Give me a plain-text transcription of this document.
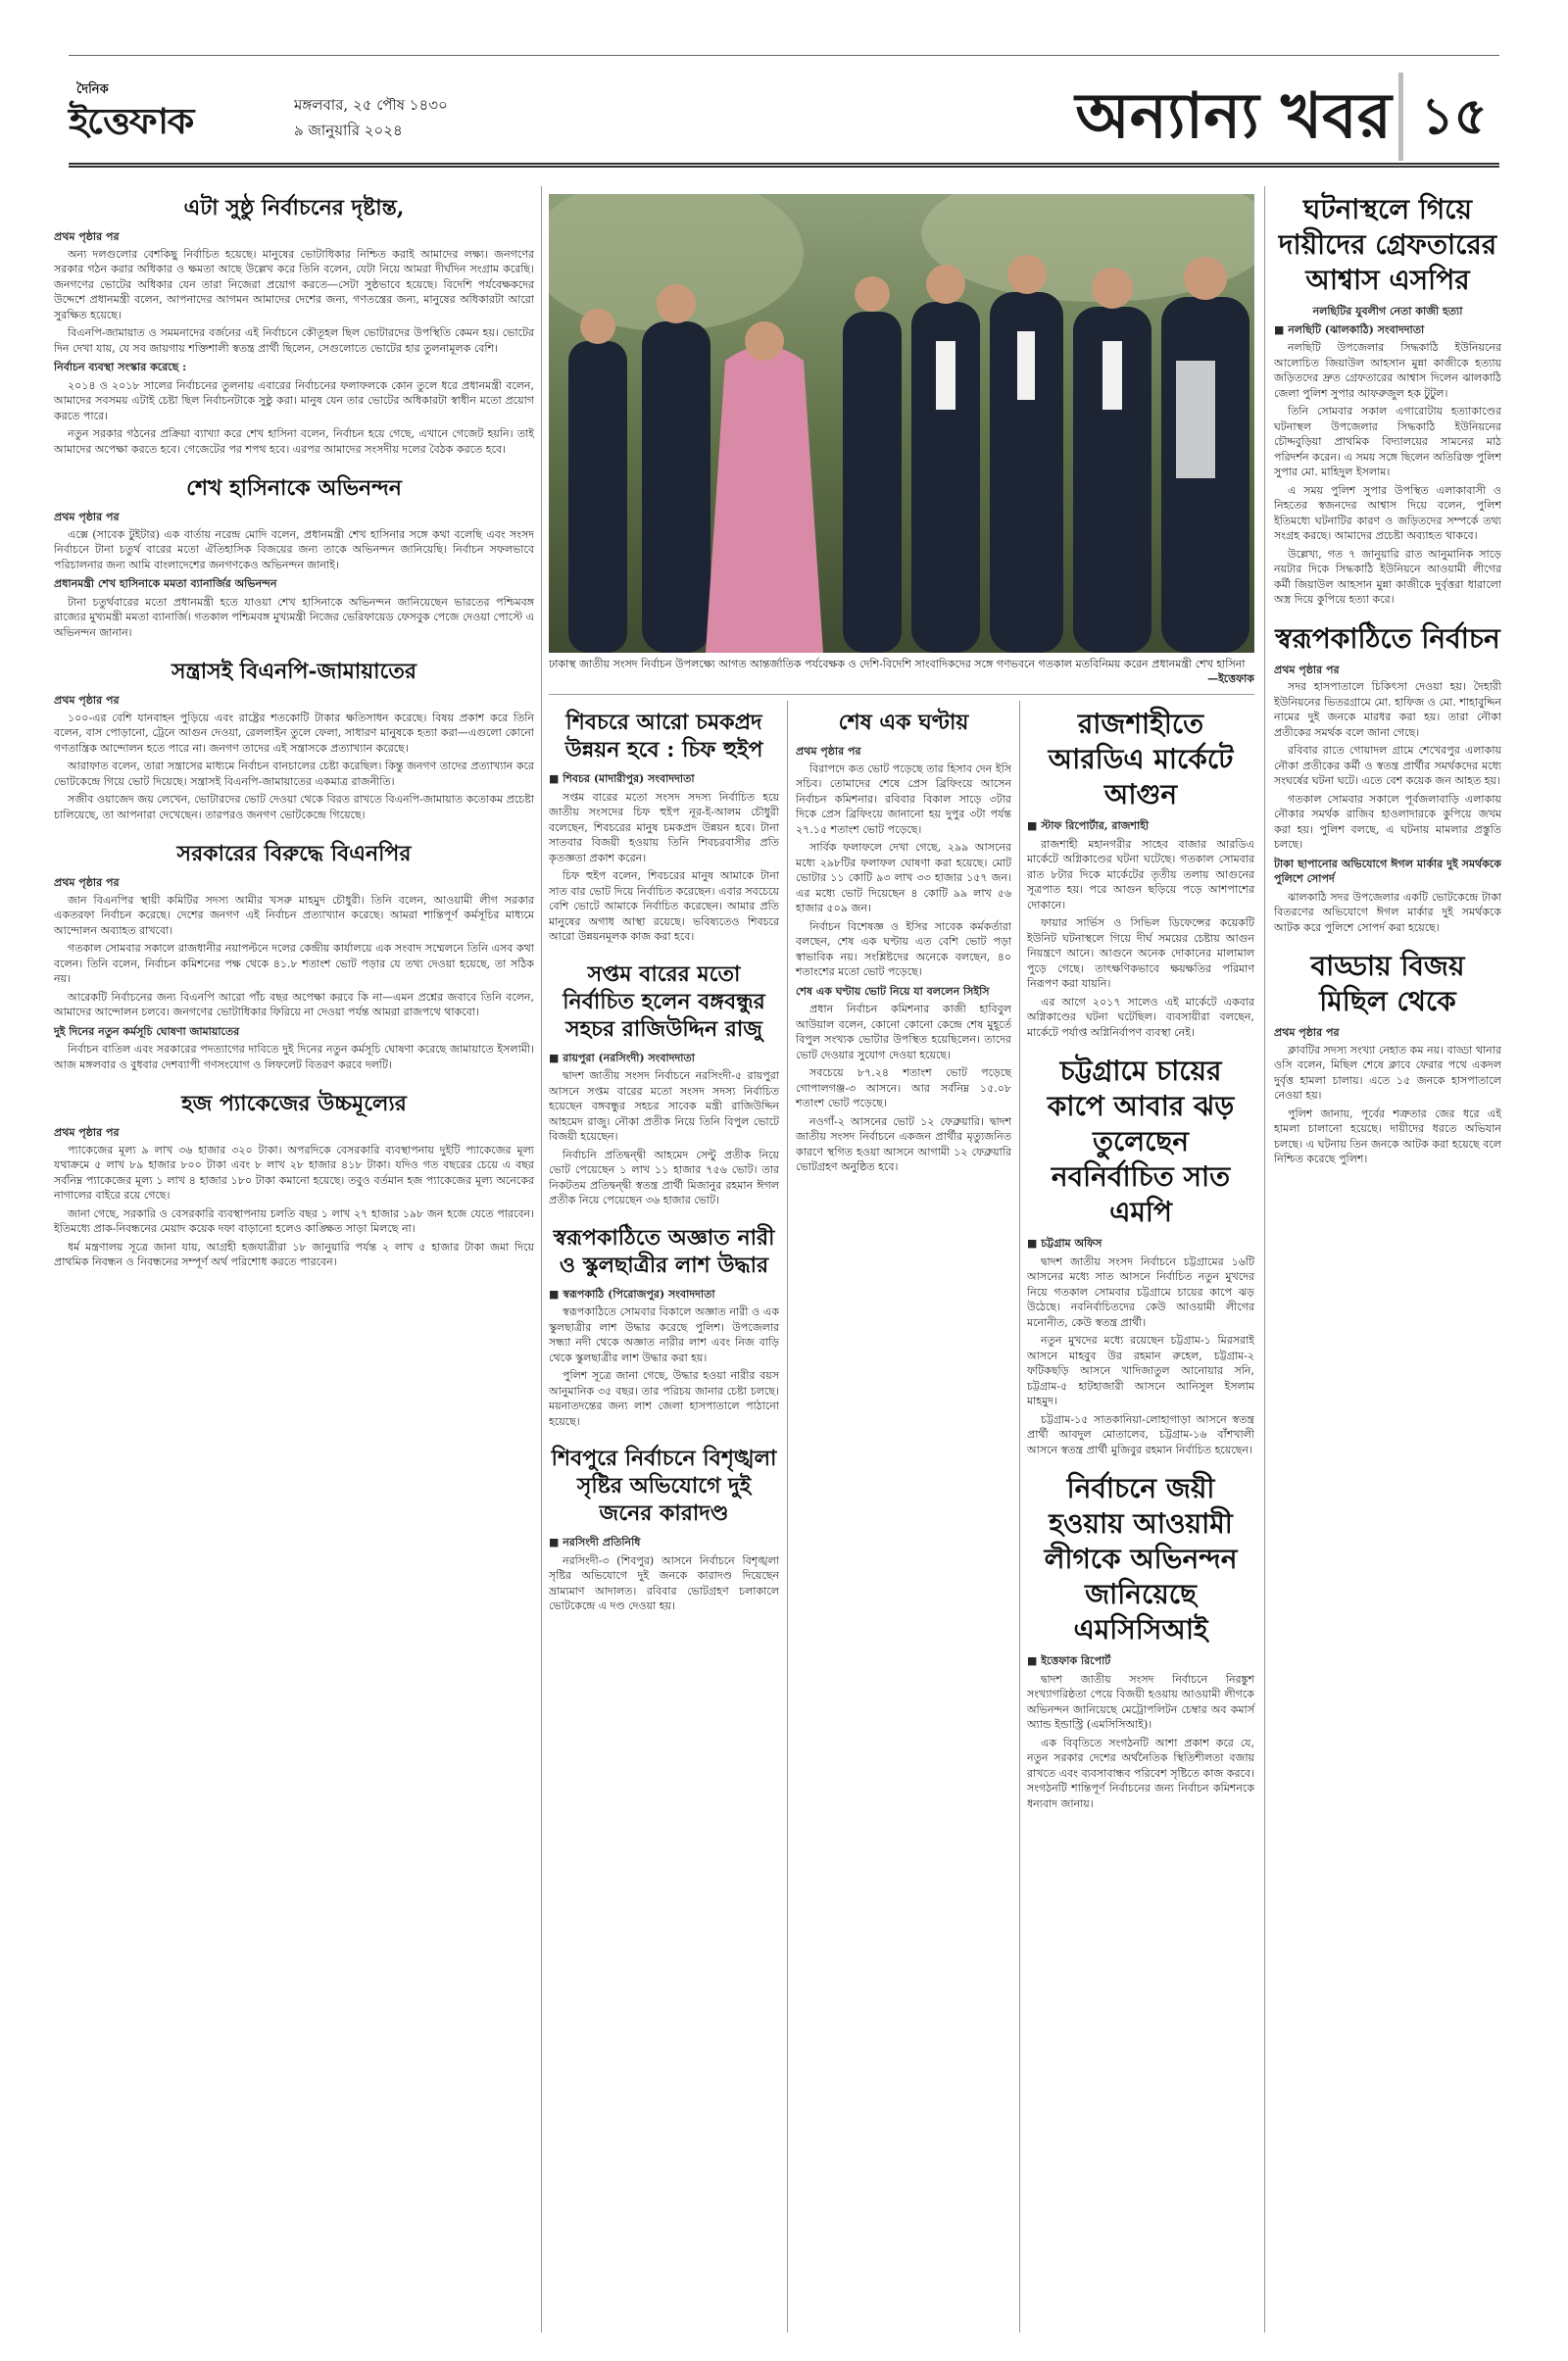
দৈনিক
ইত্তেফাক	মঙ্গলবার, ২৫ পৌষ ১৪৩০
৯ জানুয়ারি ২০২৪	অন্যান্য খবর ১৫
এটা সুষ্ঠু নির্বাচনের দৃষ্টান্ত,

প্রথম পৃষ্ঠার পর

অন্য দলগুলোর বেশকিছু নির্বাচিত হয়েছে। মানুষের ভোটাধিকার নিশ্চিত করাই আমাদের লক্ষ্য। জনগণের সরকার গঠন করার অধিকার ও ক্ষমতা আছে উল্লেখ করে তিনি বলেন, যেটা নিয়ে আমরা দীর্ঘদিন সংগ্রাম করেছি। জনগণের ভোটের অধিকার যেন তারা নিজেরা প্রয়োগ করতে—সেটা সুষ্ঠভাবে হয়েছে। বিদেশি পর্যবেক্ষকদের উদ্দেশে প্রধানমন্ত্রী বলেন, আপনাদের আগমন আমাদের দেশের জন্য, গণতন্ত্রের জন্য, মানুষের অধিকারটা আরো সুরক্ষিত হয়েছে।

বিএনপি-জামায়াত ও সমমনাদের বর্জনের এই নির্বাচনে কৌতূহল ছিল ভোটারদের উপস্থিতি কেমন হয়। ভোটের দিন দেখা যায়, যে সব জায়গায় শক্তিশালী স্বতন্ত্র প্রার্থী ছিলেন, সেগুলোতে ভোটের হার তুলনামূলক বেশি।

নির্বাচন ব্যবস্থা সংস্কার করেছে :

২০১৪ ও ২০১৮ সালের নির্বাচনের তুলনায় এবারের নির্বাচনের ফলাফলকে কোন তুলে ধরে প্রধানমন্ত্রী বলেন, আমাদের সবসময় এটাই চেষ্টা ছিল নির্বাচনটাকে সুষ্ঠু করা। মানুষ যেন তার ভোটের অধিকারটা স্বাধীন মতো প্রয়োগ করতে পারে।

নতুন সরকার গঠনের প্রক্রিয়া ব্যাখ্যা করে শেখ হাসিনা বলেন, নির্বাচন হয়ে গেছে, এখানে গেজেট হয়নি। তাই আমাদের অপেক্ষা করতে হবে। গেজেটের পর শপথ হবে। এরপর আমাদের সংসদীয় দলের বৈঠক করতে হবে।

শেখ হাসিনাকে অভিনন্দন

প্রথম পৃষ্ঠার পর

এক্সে (সাবেক টুইটার) এক বার্তায় নরেন্দ্র মোদি বলেন, প্রধানমন্ত্রী শেখ হাসিনার সঙ্গে কথা বলেছি এবং সংসদ নির্বাচনে টানা চতুর্থ বারের মতো ঐতিহাসিক বিজয়ের জন্য তাকে অভিনন্দন জানিয়েছি। নির্বাচন সফলভাবে পরিচালনার জন্য আমি বাংলাদেশের জনগণকেও অভিনন্দন জানাই।

প্রধানমন্ত্রী শেখ হাসিনাকে মমতা ব্যানার্জির অভিনন্দন

টানা চতুর্থবারের মতো প্রধানমন্ত্রী হতে যাওয়া শেখ হাসিনাকে অভিনন্দন জানিয়েছেন ভারতের পশ্চিমবঙ্গ রাজ্যের মুখ্যমন্ত্রী মমতা ব্যানার্জি। গতকাল পশ্চিমবঙ্গ মুখ্যমন্ত্রী নিজের ভেরিফায়েড ফেসবুক পেজে দেওয়া পোস্টে এ অভিনন্দন জানান।

সন্ত্রাসই বিএনপি-জামায়াতের

প্রথম পৃষ্ঠার পর

১০০-এর বেশি যানবাহন পুড়িয়ে এবং রাষ্ট্রের শতকোটি টাকার ক্ষতিসাধন করেছে। বিষয় প্রকাশ করে তিনি বলেন, বাস পোড়ানো, ট্রেনে আগুন দেওয়া, রেললাইন তুলে ফেলা, সাধারণ মানুষকে হত্যা করা—এগুলো কোনো গণতান্ত্রিক আন্দোলন হতে পারে না। জনগণ তাদের এই সন্ত্রাসকে প্রত্যাখ্যান করেছে।

আরাফাত বলেন, তারা সন্ত্রাসের মাধ্যমে নির্বাচন বানচালের চেষ্টা করেছিল। কিন্তু জনগণ তাদের প্রত্যাখ্যান করে ভোটকেন্দ্রে গিয়ে ভোট দিয়েছে। সন্ত্রাসই বিএনপি-জামায়াতের একমাত্র রাজনীতি।

সজীব ওয়াজেদ জয় লেখেন, ভোটারদের ভোট দেওয়া থেকে বিরত রাখতে বিএনপি-জামায়াত কতোকম প্রচেষ্টা চালিয়েছে, তা আপনারা দেখেছেন। তারপরও জনগণ ভোটকেন্দ্রে গিয়েছে।

সরকারের বিরুদ্ধে বিএনপির

প্রথম পৃষ্ঠার পর

জান বিএনপির স্থায়ী কমিটির সদস্য আমীর খসরু মাহমুদ চৌধুরী। তিনি বলেন, আওয়ামী লীগ সরকার একতরফা নির্বাচন করেছে। দেশের জনগণ এই নির্বাচন প্রত্যাখ্যান করেছে। আমরা শান্তিপূর্ণ কর্মসূচির মাধ্যমে আন্দোলন অব্যাহত রাখবো।

গতকাল সোমবার সকালে রাজধানীর নয়াপল্টনে দলের কেন্দ্রীয় কার্যালয়ে এক সংবাদ সম্মেলনে তিনি এসব কথা বলেন। তিনি বলেন, নির্বাচন কমিশনের পক্ষ থেকে ৪১.৮ শতাংশ ভোট পড়ার যে তথ্য দেওয়া হয়েছে, তা সঠিক নয়।

আরেকটি নির্বাচনের জন্য বিএনপি আরো পাঁচ বছর অপেক্ষা করবে কি না—এমন প্রশ্নের জবাবে তিনি বলেন, আমাদের আন্দোলন চলবে। জনগণের ভোটাধিকার ফিরিয়ে না দেওয়া পর্যন্ত আমরা রাজপথে থাকবো।

দুই দিনের নতুন কর্মসূচি ঘোষণা জামায়াতের

নির্বাচন বাতিল এবং সরকারের পদত্যাগের দাবিতে দুই দিনের নতুন কর্মসূচি ঘোষণা করেছে জামায়াতে ইসলামী। আজ মঙ্গলবার ও বুধবার দেশব্যাপী গণসংযোগ ও লিফলেট বিতরণ করবে দলটি।

হজ প্যাকেজের উচ্চমূল্যের

প্রথম পৃষ্ঠার পর

প্যাকেজের মূল্য ৯ লাখ ৩৬ হাজার ৩২০ টাকা। অপরদিকে বেসরকারি ব্যবস্থাপনায় দুইটি প্যাকেজের মূল্য যথাক্রমে ৫ লাখ ৮৯ হাজার ৮০০ টাকা এবং ৮ লাখ ২৮ হাজার ৪১৮ টাকা। যদিও গত বছরের চেয়ে এ বছর সর্বনিম্ন প্যাকেজের মূল্য ১ লাখ ৪ হাজার ১৮০ টাকা কমানো হয়েছে। তবুও বর্তমান হজ প্যাকেজের মূল্য অনেকের নাগালের বাইরে রয়ে গেছে।

জানা গেছে, সরকারি ও বেসরকারি ব্যবস্থাপনায় চলতি বছর ১ লাখ ২৭ হাজার ১৯৮ জন হজে যেতে পারবেন। ইতিমধ্যে প্রাক-নিবন্ধনের মেয়াদ কয়েক দফা বাড়ানো হলেও কাঙ্ক্ষিত সাড়া মিলছে না।

ধর্ম মন্ত্রণালয় সূত্রে জানা যায়, আগ্রহী হজযাত্রীরা ১৮ জানুয়ারি পর্যন্ত ২ লাখ ৫ হাজার টাকা জমা দিয়ে প্রাথমিক নিবন্ধন ও নিবন্ধনের সম্পূর্ণ অর্থ পরিশোধ করতে পারবেন।

ঢাকাস্থ জাতীয় সংসদ নির্বাচন উপলক্ষ্যে আগত আন্তর্জাতিক পর্যবেক্ষক ও দেশি-বিদেশি সাংবাদিকদের সঙ্গে গণভবনে গতকাল মতবিনিময় করেন প্রধানমন্ত্রী শেখ হাসিনা
—ইত্তেফাক
শিবচরে আরো চমকপ্রদ উন্নয়ন হবে : চিফ হুইপ

■ শিবচর (মাদারীপুর) সংবাদদাতা

সপ্তম বারের মতো সংসদ সদস্য নির্বাচিত হয়ে জাতীয় সংসদের চিফ হুইপ নূর-ই-আলম চৌধুরী বলেছেন, শিবচরের মানুষ চমকপ্রদ উন্নয়ন হবে। টানা সাতবার বিজয়ী হওয়ায় তিনি শিবচরবাসীর প্রতি কৃতজ্ঞতা প্রকাশ করেন।

চিফ হুইপ বলেন, শিবচরের মানুষ আমাকে টানা সাত বার ভোট দিয়ে নির্বাচিত করেছেন। এবার সবচেয়ে বেশি ভোটে আমাকে নির্বাচিত করেছেন। আমার প্রতি মানুষের অগাধ আস্থা রয়েছে। ভবিষ্যতেও শিবচরে আরো উন্নয়নমূলক কাজ করা হবে।

সপ্তম বারের মতো নির্বাচিত হলেন বঙ্গবন্ধুর সহচর রাজিউদ্দিন রাজু

■ রায়পুরা (নরসিংদী) সংবাদদাতা

দ্বাদশ জাতীয় সংসদ নির্বাচনে নরসিংদী-৫ রায়পুরা আসনে সপ্তম বারের মতো সংসদ সদস্য নির্বাচিত হয়েছেন বঙ্গবন্ধুর সহচর সাবেক মন্ত্রী রাজিউদ্দিন আহমেদ রাজু। নৌকা প্রতীক নিয়ে তিনি বিপুল ভোটে বিজয়ী হয়েছেন।

নির্বাচনি প্রতিদ্বন্দ্বী আহমেদ সেন্টু প্রতীক নিয়ে ভোট পেয়েছেন ১ লাখ ১১ হাজার ৭৫৬ ভোট। তার নিকটতম প্রতিদ্বন্দ্বী স্বতন্ত্র প্রার্থী মিজানুর রহমান ঈগল প্রতীক নিয়ে পেয়েছেন ৩৬ হাজার ভোট।

স্বরূপকাঠিতে অজ্ঞাত নারী ও স্কুলছাত্রীর লাশ উদ্ধার

■ স্বরূপকাঠি (পিরোজপুর) সংবাদদাতা

স্বরূপকাঠিতে সোমবার বিকালে অজ্ঞাত নারী ও এক স্কুলছাত্রীর লাশ উদ্ধার করেছে পুলিশ। উপজেলার সন্ধ্যা নদী থেকে অজ্ঞাত নারীর লাশ এবং নিজ বাড়ি থেকে স্কুলছাত্রীর লাশ উদ্ধার করা হয়।

পুলিশ সূত্রে জানা গেছে, উদ্ধার হওয়া নারীর বয়স আনুমানিক ৩৫ বছর। তার পরিচয় জানার চেষ্টা চলছে। ময়নাতদন্তের জন্য লাশ জেলা হাসপাতালে পাঠানো হয়েছে।

শিবপুরে নির্বাচনে বিশৃঙ্খলা সৃষ্টির অভিযোগে দুই জনের কারাদণ্ড

■ নরসিংদী প্রতিনিধি

নরসিংদী-৩ (শিবপুর) আসনে নির্বাচনে বিশৃঙ্খলা সৃষ্টির অভিযোগে দুই জনকে কারাদণ্ড দিয়েছেন ভ্রাম্যমাণ আদালত। রবিবার ভোটগ্রহণ চলাকালে ভোটকেন্দ্রে এ দণ্ড দেওয়া হয়।

শেষ এক ঘণ্টায়

প্রথম পৃষ্ঠার পর

বিরাপদে কত ভোট পড়েছে তার হিসাব দেন ইসি সচিব। তোমাদের শেষে প্রেস ব্রিফিংয়ে আসেন নির্বাচন কমিশনার। রবিবার বিকাল সাড়ে ৩টার দিকে প্রেস ব্রিফিংয়ে জানানো হয় দুপুর ৩টা পর্যন্ত ২৭.১৫ শতাংশ ভোট পড়েছে।

সার্বিক ফলাফলে দেখা গেছে, ২৯৯ আসনের মধ্যে ২৯৮টির ফলাফল ঘোষণা করা হয়েছে। মোট ভোটার ১১ কোটি ৯৩ লাখ ৩৩ হাজার ১৫৭ জন। এর মধ্যে ভোট দিয়েছেন ৪ কোটি ৯৯ লাখ ৫৬ হাজার ৫০৯ জন।

নির্বাচন বিশেষজ্ঞ ও ইসির সাবেক কর্মকর্তারা বলছেন, শেষ এক ঘণ্টায় এত বেশি ভোট পড়া স্বাভাবিক নয়। সংশ্লিষ্টদের অনেকে বলছেন, ৪০ শতাংশের মতো ভোট পড়েছে।

শেষ এক ঘণ্টায় ভোট নিয়ে যা বললেন সিইসি

প্রধান নির্বাচন কমিশনার কাজী হাবিবুল আউয়াল বলেন, কোনো কোনো কেন্দ্রে শেষ মুহূর্তে বিপুল সংখ্যক ভোটার উপস্থিত হয়েছিলেন। তাদের ভোট দেওয়ার সুযোগ দেওয়া হয়েছে।

সবচেয়ে ৮৭.২৪ শতাংশ ভোট পড়েছে গোপালগঞ্জ-৩ আসনে। আর সর্বনিম্ন ১৫.০৮ শতাংশ ভোট পড়েছে।

নওগাঁ-২ আসনের ভোট ১২ ফেব্রুয়ারি। দ্বাদশ জাতীয় সংসদ নির্বাচনে একজন প্রার্থীর মৃত্যুজনিত কারণে স্থগিত হওয়া আসনে আগামী ১২ ফেব্রুয়ারি ভোটগ্রহণ অনুষ্ঠিত হবে।

রাজশাহীতে আরডিএ মার্কেটে আগুন

■ স্টাফ রিপোর্টার, রাজশাহী

রাজশাহী মহানগরীর সাহেব বাজার আরডিএ মার্কেটে অগ্নিকাণ্ডের ঘটনা ঘটেছে। গতকাল সোমবার রাত ৮টার দিকে মার্কেটের তৃতীয় তলায় আগুনের সূত্রপাত হয়। পরে আগুন ছড়িয়ে পড়ে আশপাশের দোকানে।

ফায়ার সার্ভিস ও সিভিল ডিফেন্সের কয়েকটি ইউনিট ঘটনাস্থলে গিয়ে দীর্ঘ সময়ের চেষ্টায় আগুন নিয়ন্ত্রণে আনে। আগুনে অনেক দোকানের মালামাল পুড়ে গেছে। তাৎক্ষণিকভাবে ক্ষয়ক্ষতির পরিমাণ নিরূপণ করা যায়নি।

এর আগে ২০১৭ সালেও এই মার্কেটে একবার অগ্নিকাণ্ডের ঘটনা ঘটেছিল। ব্যবসায়ীরা বলছেন, মার্কেটে পর্যাপ্ত অগ্নিনির্বাপণ ব্যবস্থা নেই।

চট্টগ্রামে চায়ের কাপে আবার ঝড় তুলেছেন নবনির্বাচিত সাত এমপি

■ চট্টগ্রাম অফিস

দ্বাদশ জাতীয় সংসদ নির্বাচনে চট্টগ্রামের ১৬টি আসনের মধ্যে সাত আসনে নির্বাচিত নতুন মুখদের নিয়ে গতকাল সোমবার চট্টগ্রামে চায়ের কাপে ঝড় উঠেছে। নবনির্বাচিতদের কেউ আওয়ামী লীগের মনোনীত, কেউ স্বতন্ত্র প্রার্থী।

নতুন মুখদের মধ্যে রয়েছেন চট্টগ্রাম-১ মিরসরাই আসনে মাহবুব উর রহমান রুহেল, চট্টগ্রাম-২ ফটিকছড়ি আসনে খাদিজাতুল আনোয়ার সনি, চট্টগ্রাম-৫ হাটহাজারী আসনে আনিসুল ইসলাম মাহমুদ।

চট্টগ্রাম-১৫ সাতকানিয়া-লোহাগাড়া আসনে স্বতন্ত্র প্রার্থী আবদুল মোতালেব, চট্টগ্রাম-১৬ বাঁশখালী আসনে স্বতন্ত্র প্রার্থী মুজিবুর রহমান নির্বাচিত হয়েছেন।

নির্বাচনে জয়ী হওয়ায় আওয়ামী লীগকে অভিনন্দন জানিয়েছে এমসিসিআই

■ ইত্তেফাক রিপোর্ট

দ্বাদশ জাতীয় সংসদ নির্বাচনে নিরঙ্কুশ সংখ্যাগরিষ্ঠতা পেয়ে বিজয়ী হওয়ায় আওয়ামী লীগকে অভিনন্দন জানিয়েছে মেট্রোপলিটন চেম্বার অব কমার্স অ্যান্ড ইন্ডাস্ট্রি (এমসিসিআই)।

এক বিবৃতিতে সংগঠনটি আশা প্রকাশ করে যে, নতুন সরকার দেশের অর্থনৈতিক স্থিতিশীলতা বজায় রাখতে এবং ব্যবসাবান্ধব পরিবেশ সৃষ্টিতে কাজ করবে। সংগঠনটি শান্তিপূর্ণ নির্বাচনের জন্য নির্বাচন কমিশনকে ধন্যবাদ জানায়।

ঘটনাস্থলে গিয়ে দায়ীদের গ্রেফতারের আশ্বাস এসপির

নলছিটির যুবলীগ নেতা কাজী হত্যা

■ নলছিটি (ঝালকাঠি) সংবাদদাতা

নলছিটি উপজেলার সিদ্ধকাঠি ইউনিয়নের আলোচিত জিয়াউল আহসান মুন্না কাজীকে হত্যায় জড়িতদের দ্রুত গ্রেফতারের আশ্বাস দিলেন ঝালকাঠি জেলা পুলিশ সুপার আফরুজুল হক টুটুল।

তিনি সোমবার সকাল এগারোটায় হত্যাকাণ্ডের ঘটনাস্থল উপজেলার সিদ্ধকাঠি ইউনিয়নের চৌদ্দবুড়িয়া প্রাথমিক বিদ্যালয়ের সামনের মাঠ পরিদর্শন করেন। এ সময় সঙ্গে ছিলেন অতিরিক্ত পুলিশ সুপার মো. মাহিদুল ইসলাম।

এ সময় পুলিশ সুপার উপস্থিত এলাকাবাসী ও নিহতের স্বজনদের আশ্বাস দিয়ে বলেন, পুলিশ ইতিমধ্যে ঘটনাটির কারণ ও জড়িতদের সম্পর্কে তথ্য সংগ্রহ করছে। আমাদের প্রচেষ্টা অব্যাহত থাকবে।

উল্লেখ্য, গত ৭ জানুয়ারি রাত আনুমানিক সাড়ে নয়টার দিকে সিদ্ধকাঠি ইউনিয়নে আওয়ামী লীগের কর্মী জিয়াউল আহসান মুন্না কাজীকে দুর্বৃত্তরা ধারালো অস্ত্র দিয়ে কুপিয়ে হত্যা করে।

স্বরূপকাঠিতে নির্বাচন

প্রথম পৃষ্ঠার পর

সদর হাসপাতালে চিকিৎসা দেওয়া হয়। দৈহারী ইউনিয়নের ভিতরগ্রামে মো. হাফিজ ও মো. শাহাবুদ্দিন নামের দুই জনকে মারধর করা হয়। তারা নৌকা প্রতীকের সমর্থক বলে জানা গেছে।

রবিবার রাতে গোয়াদল গ্রামে শেখেরপুর এলাকায় নৌকা প্রতীকের কর্মী ও স্বতন্ত্র প্রার্থীর সমর্থকদের মধ্যে সংঘর্ষের ঘটনা ঘটে। এতে বেশ কয়েক জন আহত হয়।

গতকাল সোমবার সকালে পূর্বজলাবাড়ি এলাকায় নৌকার সমর্থক রাজিব হাওলাদারকে কুপিয়ে জখম করা হয়। পুলিশ বলছে, এ ঘটনায় মামলার প্রস্তুতি চলছে।

টাকা ছাপানোর অভিযোগে ঈগল মার্কার দুই সমর্থককে পুলিশে সোপর্দ

ঝালকাঠি সদর উপজেলার একটি ভোটকেন্দ্রে টাকা বিতরণের অভিযোগে ঈগল মার্কার দুই সমর্থককে আটক করে পুলিশে সোপর্দ করা হয়েছে।

বাড্ডায় বিজয় মিছিল থেকে

প্রথম পৃষ্ঠার পর

ক্লাবটির সদস্য সংখ্যা নেহাত কম নয়। বাড্ডা থানার ওসি বলেন, মিছিল শেষে ক্লাবে ফেরার পথে একদল দুর্বৃত্ত হামলা চালায়। এতে ১৫ জনকে হাসপাতালে নেওয়া হয়।

পুলিশ জানায়, পূর্বের শত্রুতার জের ধরে এই হামলা চালানো হয়েছে। দায়ীদের ধরতে অভিযান চলছে। এ ঘটনায় তিন জনকে আটক করা হয়েছে বলে নিশ্চিত করেছে পুলিশ।
